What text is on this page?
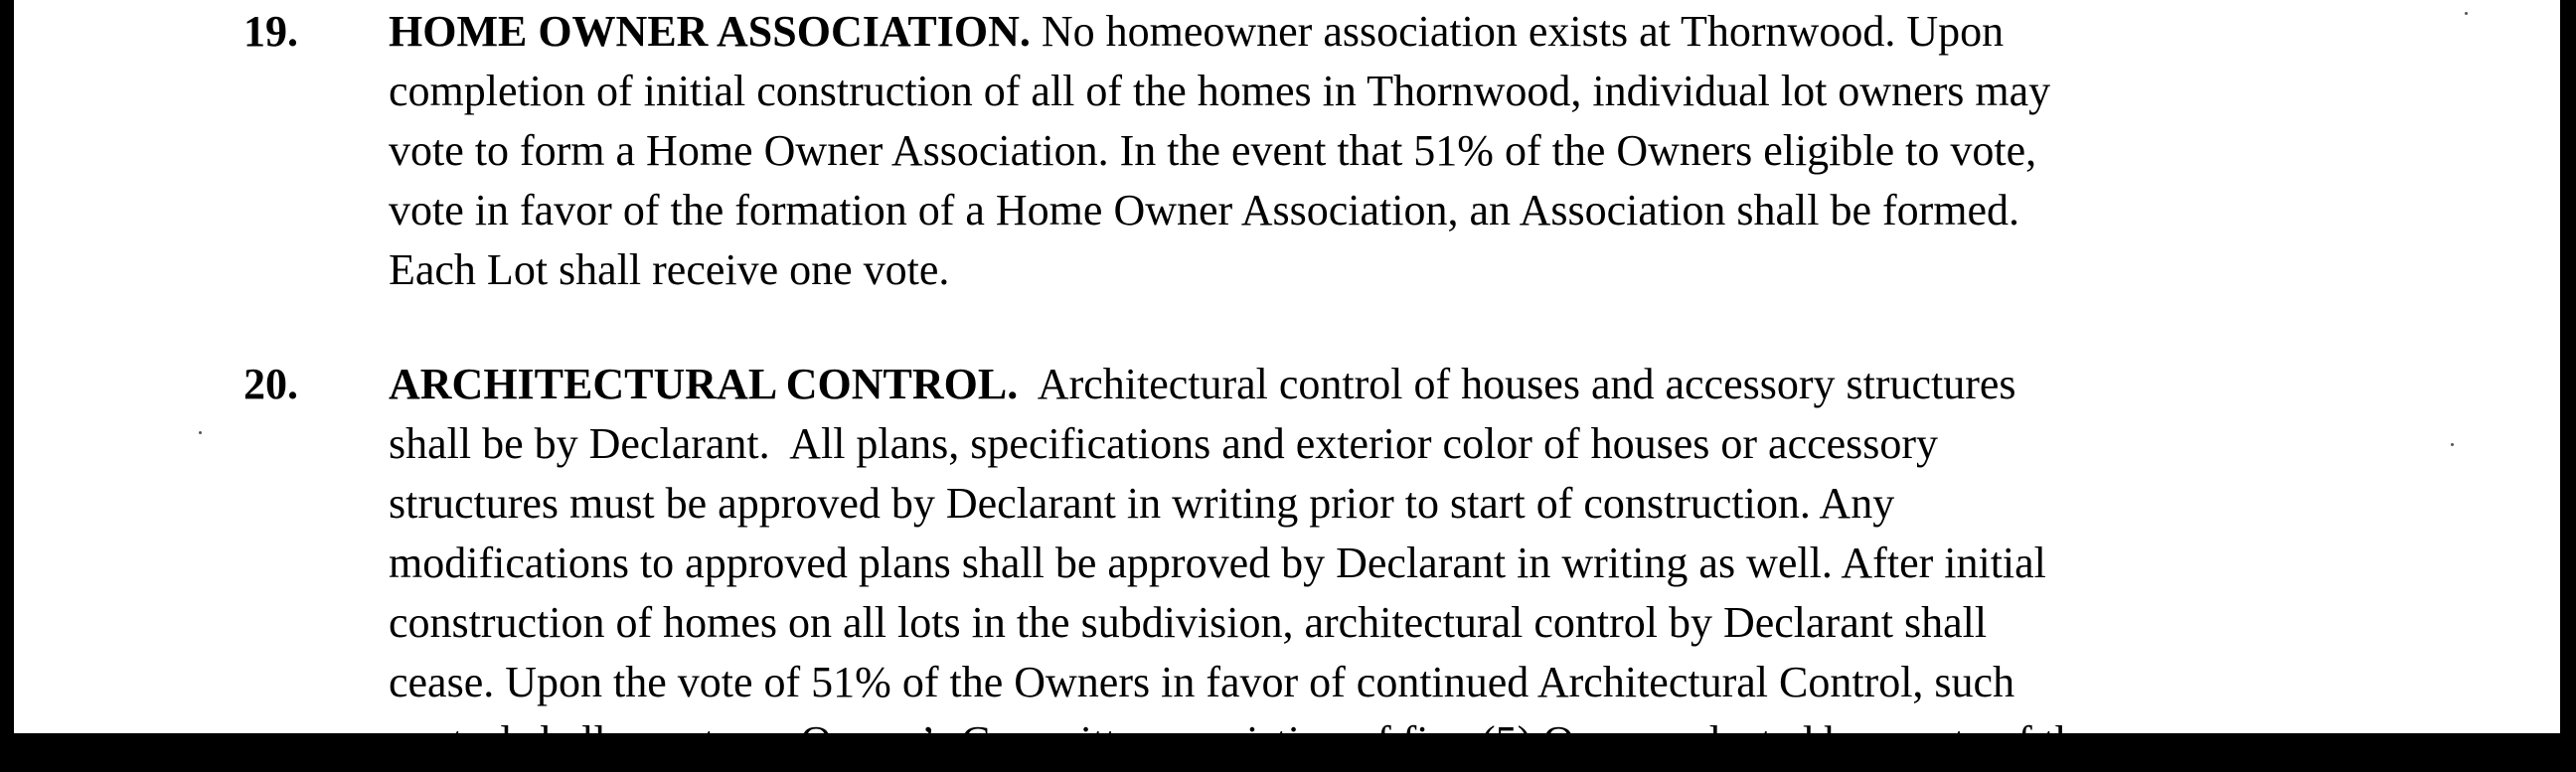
19. HOME OWNER ASSOCIATION. No homeowner association exists at Thornwood. Upon
completion of initial construction of all of the homes in Thornwood, individual lot owners may
vote to form a Home Owner Association. In the event that 51% of the Owners eligible to vote,
vote in favor of the formation of a Home Owner Association, an Association shall be formed.
Each Lot shall receive one vote.
20. ARCHITECTURAL CONTROL.  Architectural control of houses and accessory structures
shall be by Declarant.  All plans, specifications and exterior color of houses or accessory
structures must be approved by Declarant in writing prior to start of construction. Any
modifications to approved plans shall be approved by Declarant in writing as well. After initial
construction of homes on all lots in the subdivision, architectural control by Declarant shall
cease. Upon the vote of 51% of the Owners in favor of continued Architectural Control, such
control shall pass to an Owner’s Committee consisting of five (5) Owners elected by a vote of the
